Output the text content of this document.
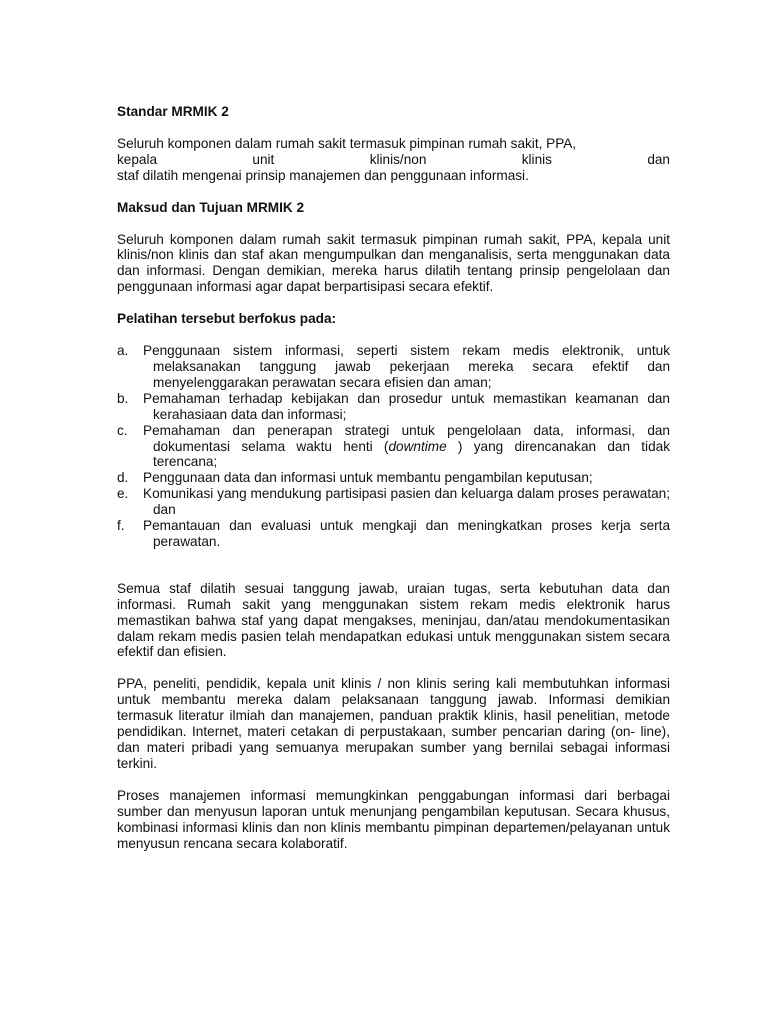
Standar MRMIK 2

Seluruh komponen dalam rumah sakit termasuk pimpinan rumah sakit, PPA,
kepala	unit	klinis/non	klinis	dan
staf dilatih mengenai prinsip manajemen dan penggunaan informasi.

Maksud dan Tujuan MRMIK 2

Seluruh komponen dalam rumah sakit termasuk pimpinan rumah sakit, PPA, kepala unit klinis/non klinis dan staf akan mengumpulkan dan menganalisis, serta menggunakan data dan informasi. Dengan demikian, mereka harus dilatih tentang prinsip pengelolaan dan penggunaan informasi agar dapat berpartisipasi secara efektif.

Pelatihan tersebut berfokus pada:

a. Penggunaan sistem informasi, seperti sistem rekam medis elektronik, untuk melaksanakan tanggung jawab pekerjaan mereka secara efektif dan menyelenggarakan perawatan secara efisien dan aman;
b. Pemahaman terhadap kebijakan dan prosedur untuk memastikan keamanan dan kerahasiaan data dan informasi;
c. Pemahaman dan penerapan strategi untuk pengelolaan data, informasi, dan dokumentasi selama waktu henti (downtime ) yang direncanakan dan tidak terencana;
d. Penggunaan data dan informasi untuk membantu pengambilan keputusan;
e. Komunikasi yang mendukung partisipasi pasien dan keluarga dalam proses perawatan; dan
f. Pemantauan dan evaluasi untuk mengkaji dan meningkatkan proses kerja serta perawatan.

Semua staf dilatih sesuai tanggung jawab, uraian tugas, serta kebutuhan data dan informasi. Rumah sakit yang menggunakan sistem rekam medis elektronik harus memastikan bahwa staf yang dapat mengakses, meninjau, dan/atau mendokumentasikan dalam rekam medis pasien telah mendapatkan edukasi untuk menggunakan sistem secara efektif dan efisien.

PPA, peneliti, pendidik, kepala unit klinis / non klinis sering kali membutuhkan informasi untuk membantu mereka dalam pelaksanaan tanggung jawab. Informasi demikian termasuk literatur ilmiah dan manajemen, panduan praktik klinis, hasil penelitian, metode pendidikan. Internet, materi cetakan di perpustakaan, sumber pencarian daring (on- line), dan materi pribadi yang semuanya merupakan sumber yang bernilai sebagai informasi terkini.

Proses manajemen informasi memungkinkan penggabungan informasi dari berbagai sumber dan menyusun laporan untuk menunjang pengambilan keputusan. Secara khusus, kombinasi informasi klinis dan non klinis membantu pimpinan departemen/pelayanan untuk menyusun rencana secara kolaboratif.
